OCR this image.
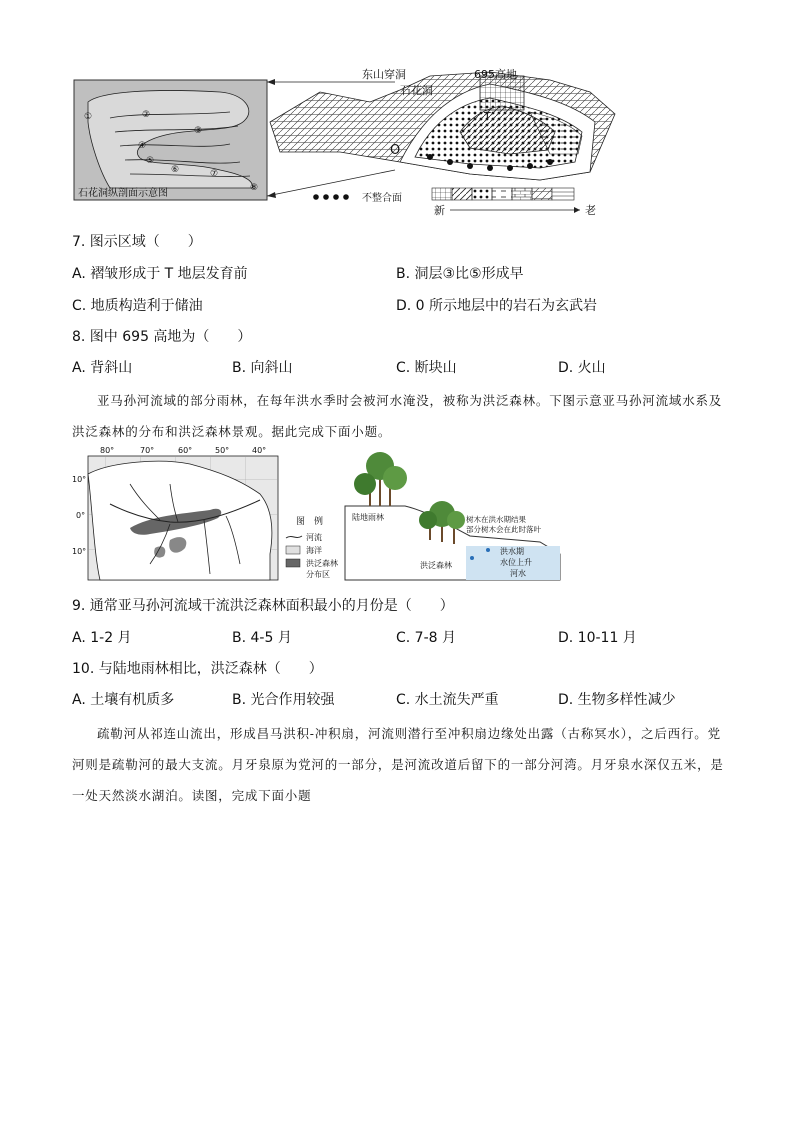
①	②
③
④
⑤
⑥	⑦
⑧
石花洞纵剖面示意图
东山穿洞
石花洞
695高地
O
T
不整合面
新	老
7. 图示区域（　　）
A. 褶皱形成于 T 地层发育前	B. 洞层③比⑤形成早
C. 地质构造利于储油	D. 0 所示地层中的岩石为玄武岩
8. 图中 695 高地为（　　）
A. 背斜山	B. 向斜山	C. 断块山	D. 火山

亚马孙河流域的部分雨林，在每年洪水季时会被河水淹没，被称为洪泛森林。下图示意亚马孙河流域水系及洪泛森林的分布和洪泛森林景观。据此完成下面小题。

80°	70°	60°	50°	40°
10°
0°
10°
图　例
河流
海洋
洪泛森林
分布区
陆地雨林
洪泛森林
树木在洪水期结果
部分树木会在此时落叶
洪水期
水位上升
河水
9. 通常亚马孙河流域干流洪泛森林面积最小的月份是（　　）
A. 1-2 月	B. 4-5 月	C. 7-8 月	D. 10-11 月
10. 与陆地雨林相比，洪泛森林（　　）
A. 土壤有机质多	B. 光合作用较强	C. 水土流失严重	D. 生物多样性减少

疏勒河从祁连山流出，形成昌马洪积-冲积扇，河流则潜行至冲积扇边缘处出露（古称冥水），之后西行。党河则是疏勒河的最大支流。月牙泉原为党河的一部分，是河流改道后留下的一部分河湾。月牙泉水深仅五米，是一处天然淡水湖泊。读图，完成下面小题
